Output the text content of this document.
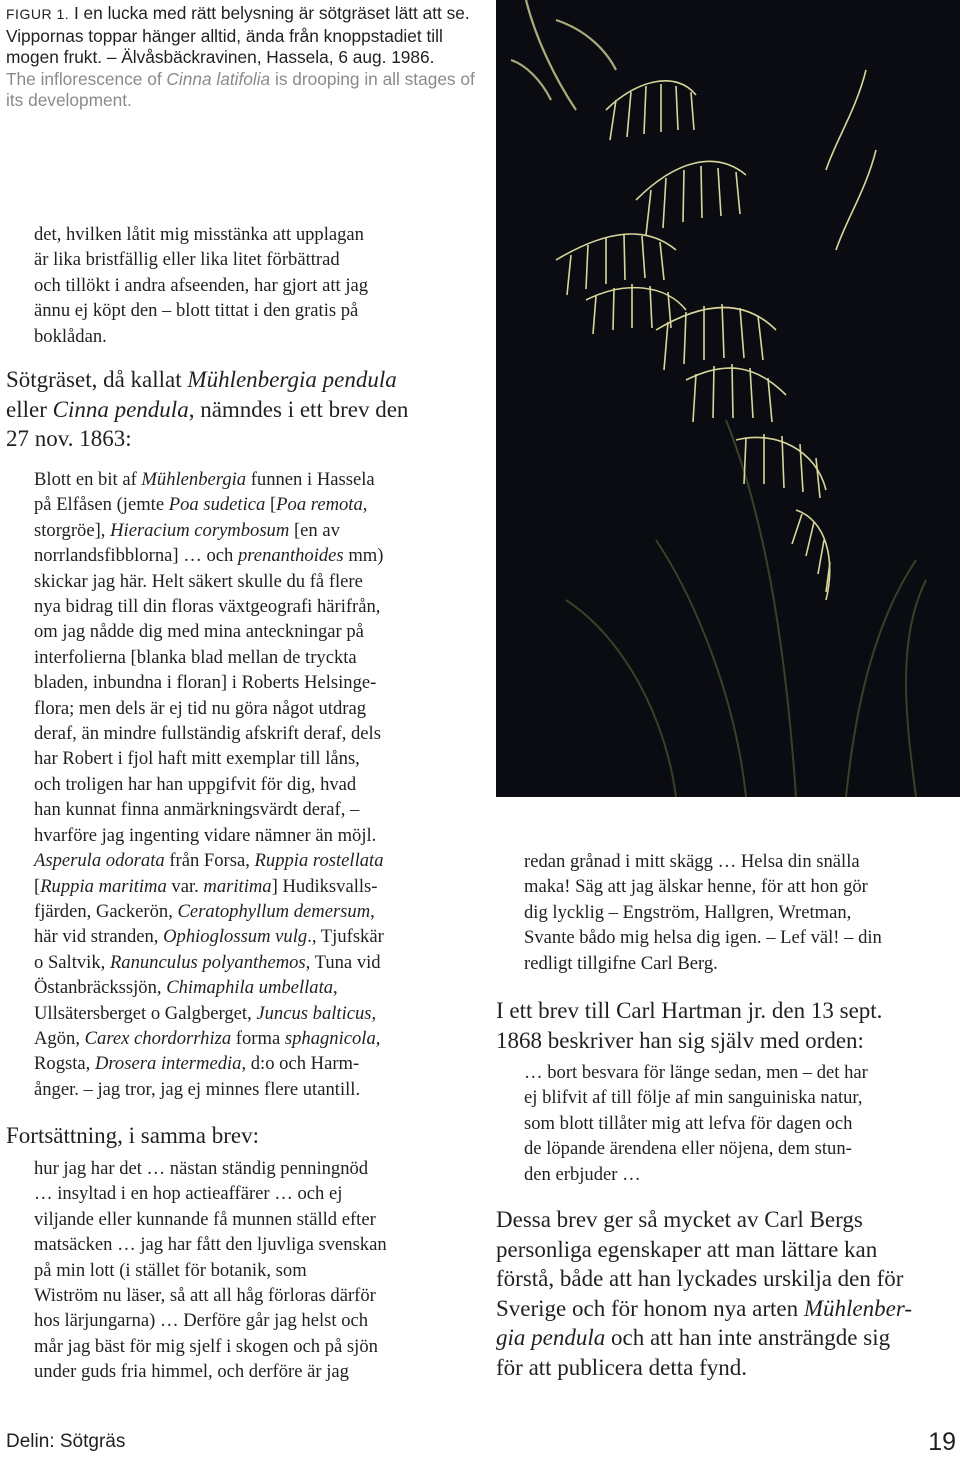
FIGUR 1. I en lucka med rätt belysning är sötgräset lätt att se. Vippornas toppar hänger alltid, ända från knoppstadiet till mogen frukt. – Älvåsbäckravinen, Hassela, 6 aug. 1986.
The inflorescence of Cinna latifolia is drooping in all stages of its development.
det, hvilken låtit mig misstänka att upplagan
är lika bristfällig eller lika litet förbättrad
och tillökt i andra afseenden, har gjort att jag
ännu ej köpt den – blott tittat i den gratis på
boklådan.
Sötgräset, då kallat Mühlenbergia pendula
eller Cinna pendula, nämndes i ett brev den
27 nov. 1863:
Blott en bit af Mühlenbergia funnen i Hassela
på Elfåsen (jemte Poa sudetica [Poa remota,
storgröe], Hieracium corymbosum [en av
norrlandsfibblorna] … och prenanthoides mm)
skickar jag här. Helt säkert skulle du få flere
nya bidrag till din floras växtgeografi härifrån,
om jag nådde dig med mina anteckningar på
interfolierna [blanka blad mellan de tryckta
bladen, inbundna i floran] i Roberts Helsinge-
flora; men dels är ej tid nu göra något utdrag
deraf, än mindre fullständig afskrift deraf, dels
har Robert i fjol haft mitt exemplar till låns,
och troligen har han uppgifvit för dig, hvad
han kunnat finna anmärkningsvärdt deraf, –
hvarföre jag ingenting vidare nämner än möjl.
Asperula odorata från Forsa, Ruppia rostellata
[Ruppia maritima var. maritima] Hudiksvalls-
fjärden, Gackerön, Ceratophyllum demersum,
här vid stranden, Ophioglossum vulg., Tjufskär
o Saltvik, Ranunculus polyanthemos, Tuna vid
Östanbräckssjön, Chimaphila umbellata,
Ullsätersberget o Galgberget, Juncus balticus,
Agön, Carex chordorrhiza forma sphagnicola,
Rogsta, Drosera intermedia, d:o och Harm-
ånger. – jag tror, jag ej minnes flere utantill.
Fortsättning, i samma brev:
hur jag har det … nästan ständig penningnöd
… insyltad i en hop actieaffärer … och ej
viljande eller kunnande få munnen ställd efter
matsäcken … jag har fått den ljuvliga svenskan
på min lott (i stället för botanik, som
Wiström nu läser, så att all håg förloras därför
hos lärjungarna) … Derföre går jag helst och
mår jag bäst för mig sjelf i skogen och på sjön
under guds fria himmel, och derföre är jag
redan grånad i mitt skägg … Helsa din snälla
maka! Säg att jag älskar henne, för att hon gör
dig lycklig – Engström, Hallgren, Wretman,
Svante bådo mig helsa dig igen. – Lef väl! – din
redligt tillgifne Carl Berg.
I ett brev till Carl Hartman jr. den 13 sept.
1868 beskriver han sig själv med orden:
… bort besvara för länge sedan, men – det har
ej blifvit af till följe af min sanguiniska natur,
som blott tillåter mig att lefva för dagen och
de löpande ärendena eller nöjena, dem stun-
den erbjuder …
Dessa brev ger så mycket av Carl Bergs
personliga egenskaper att man lättare kan
förstå, både att han lyckades urskilja den för
Sverige och för honom nya arten Mühlenber-
gia pendula och att han inte ansträngde sig
för att publicera detta fynd.
Delin: Sötgräs	19
